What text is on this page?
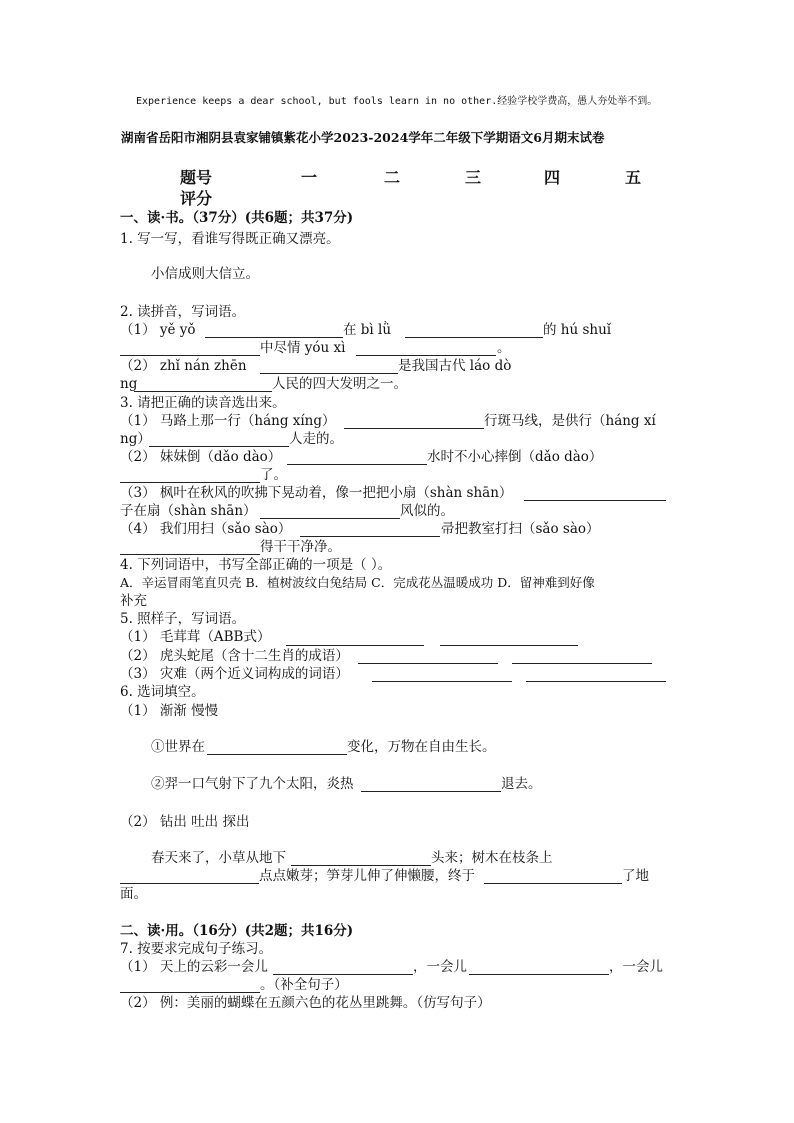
Experience keeps a dear school, but fools learn in no other.经验学校学费高，愚人夯处举不到。
湖南省岳阳市湘阴县袁家铺镇紫花小学2023-2024学年二年级下学期语文6月期末试卷
题号	一	二	三	四	五
评分
一、读·书。（37分）(共6题；共37分)
1. 写一写，看谁写得既正确又漂亮。
小信成则大信立。
2. 读拼音，写词语。
（1） yě yǒ	在 bì lǜ	的 hú shuǐ
中尽情 yóu xì	。
（2） zhǐ nán zhēn	是我国古代 láo dò
ng	人民的四大发明之一。
3. 请把正确的读音选出来。
（1） 马路上那一行（háng xíng）	行斑马线，是供行（háng xí
ng）	人走的。
（2） 妹妹倒（dǎo dào）	水时不小心摔倒（dǎo dào）
了。
（3） 枫叶在秋风的吹拂下晃动着，像一把把小扇（shàn shān）
子在扇（shàn shān）	风似的。
（4） 我们用扫（sǎo sào）	帚把教室打扫（sǎo sào）
得干干净净。
4. 下列词语中，书写全部正确的一项是（ ）。
A．辛运冒雨笔直贝壳 B．植树波纹白兔结局 C．完成花丛温暖成功 D．留神难到好像
补充
5. 照样子，写词语。
（1） 毛茸茸（ABB式）
（2） 虎头蛇尾（含十二生肖的成语）
（3） 灾难（两个近义词构成的词语）
6. 选词填空。
（1） 渐渐 慢慢
①世界在	变化，万物在自由生长。
②羿一口气射下了九个太阳，炎热	退去。
（2） 钻出 吐出 探出
春天来了，小草从地下	头来；树木在枝条上
点点嫩芽；笋芽儿伸了伸懒腰，终于	了地
面。
二、读·用。（16分）(共2题；共16分)
7. 按要求完成句子练习。
（1） 天上的云彩一会儿	，一会儿	，一会儿
。（补全句子）
（2） 例：美丽的蝴蝶在五颜六色的花丛里跳舞。（仿写句子）
